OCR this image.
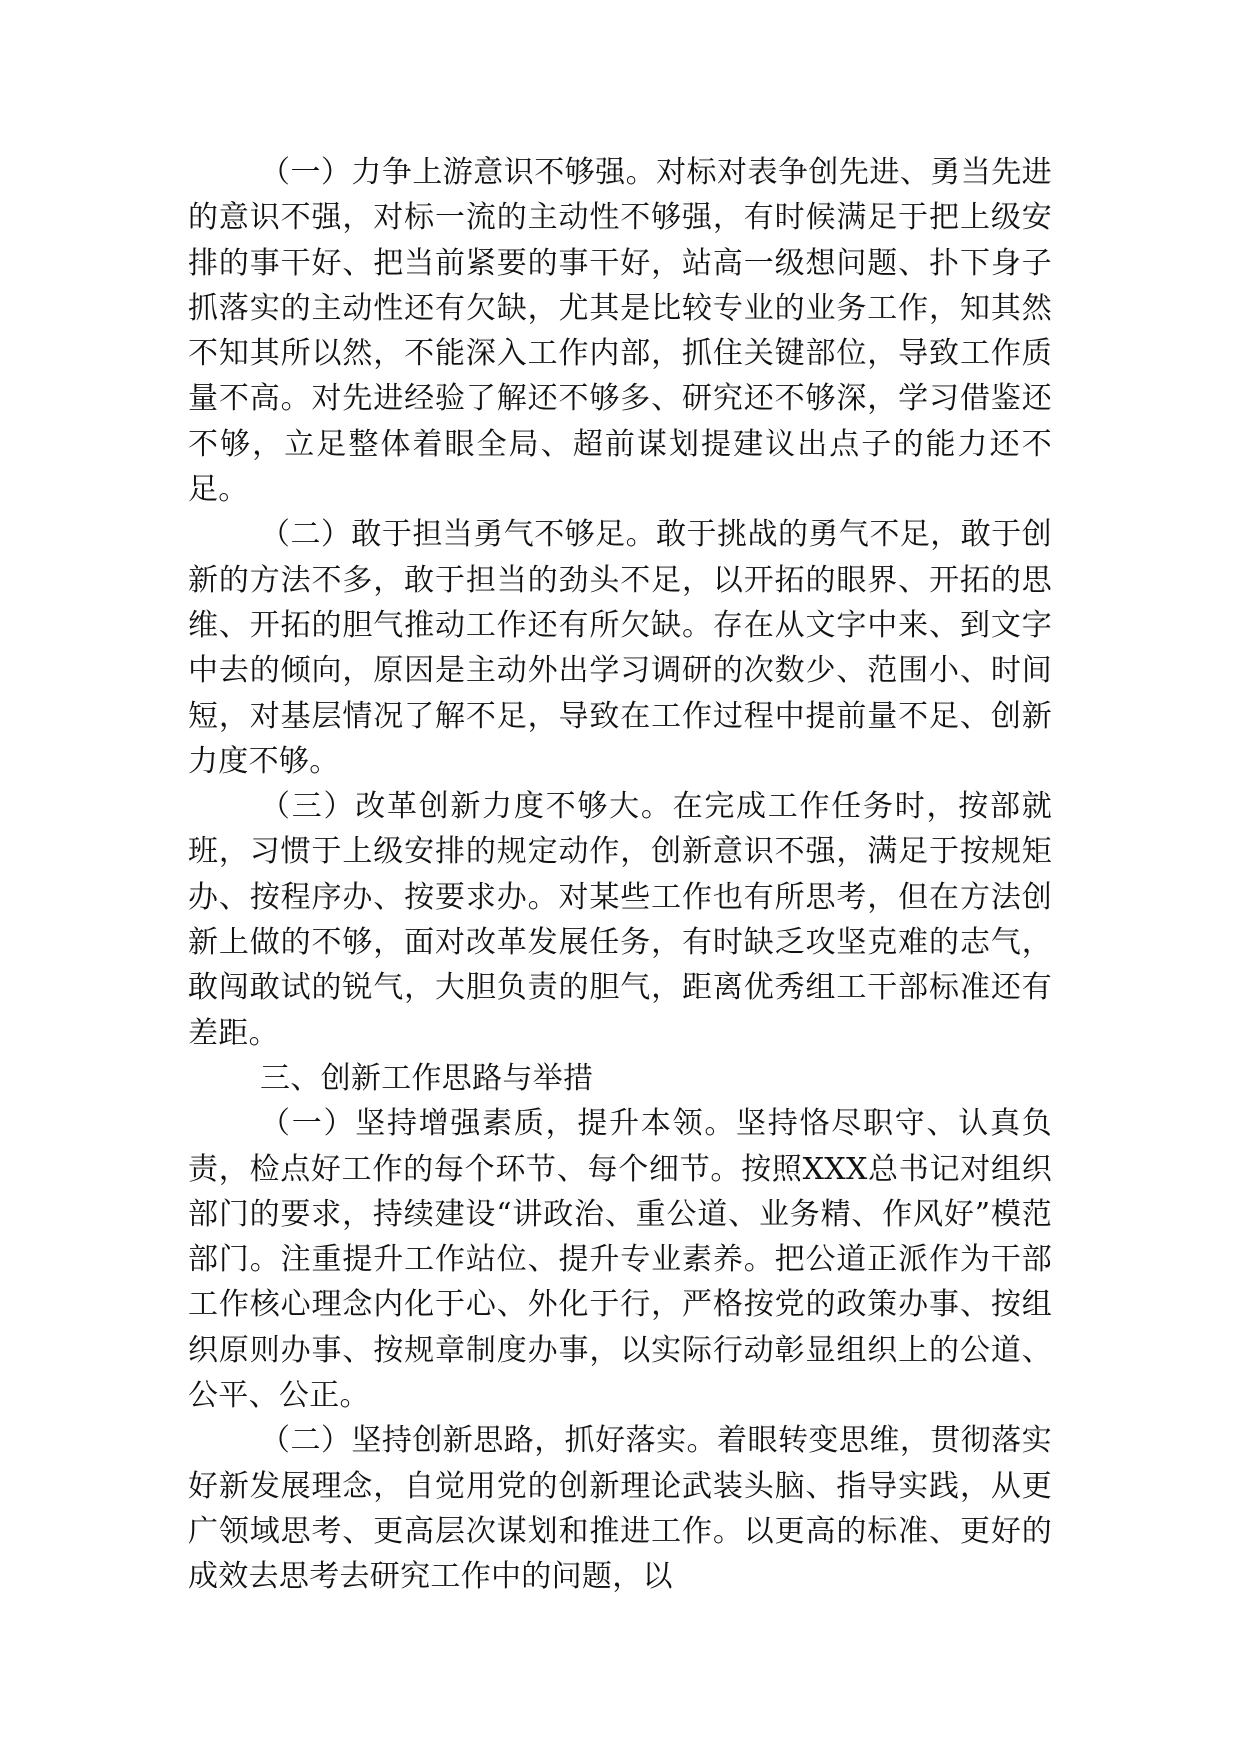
（一）力争上游意识不够强。对标对表争创先进、勇当先进的意识不强，对标一流的主动性不够强，有时候满足于把上级安排的事干好、把当前紧要的事干好，站高一级想问题、扑下身子抓落实的主动性还有欠缺，尤其是比较专业的业务工作，知其然不知其所以然，不能深入工作内部，抓住关键部位，导致工作质量不高。对先进经验了解还不够多、研究还不够深，学习借鉴还不够，立足整体着眼全局、超前谋划提建议出点子的能力还不足。

（二）敢于担当勇气不够足。敢于挑战的勇气不足，敢于创新的方法不多，敢于担当的劲头不足，以开拓的眼界、开拓的思维、开拓的胆气推动工作还有所欠缺。存在从文字中来、到文字中去的倾向，原因是主动外出学习调研的次数少、范围小、时间短，对基层情况了解不足，导致在工作过程中提前量不足、创新力度不够。

（三）改革创新力度不够大。在完成工作任务时，按部就班，习惯于上级安排的规定动作，创新意识不强，满足于按规矩办、按程序办、按要求办。对某些工作也有所思考，但在方法创新上做的不够，面对改革发展任务，有时缺乏攻坚克难的志气，敢闯敢试的锐气，大胆负责的胆气，距离优秀组工干部标准还有差距。

三、创新工作思路与举措

（一）坚持增强素质，提升本领。坚持恪尽职守、认真负责，检点好工作的每个环节、每个细节。按照XXX总书记对组织部门的要求，持续建设“讲政治、重公道、业务精、作风好”模范部门。注重提升工作站位、提升专业素养。把公道正派作为干部工作核心理念内化于心、外化于行，严格按党的政策办事、按组织原则办事、按规章制度办事，以实际行动彰显组织上的公道、公平、公正。

（二）坚持创新思路，抓好落实。着眼转变思维，贯彻落实好新发展理念，自觉用党的创新理论武装头脑、指导实践，从更广领域思考、更高层次谋划和推进工作。以更高的标准、更好的成效去思考去研究工作中的问题，以
